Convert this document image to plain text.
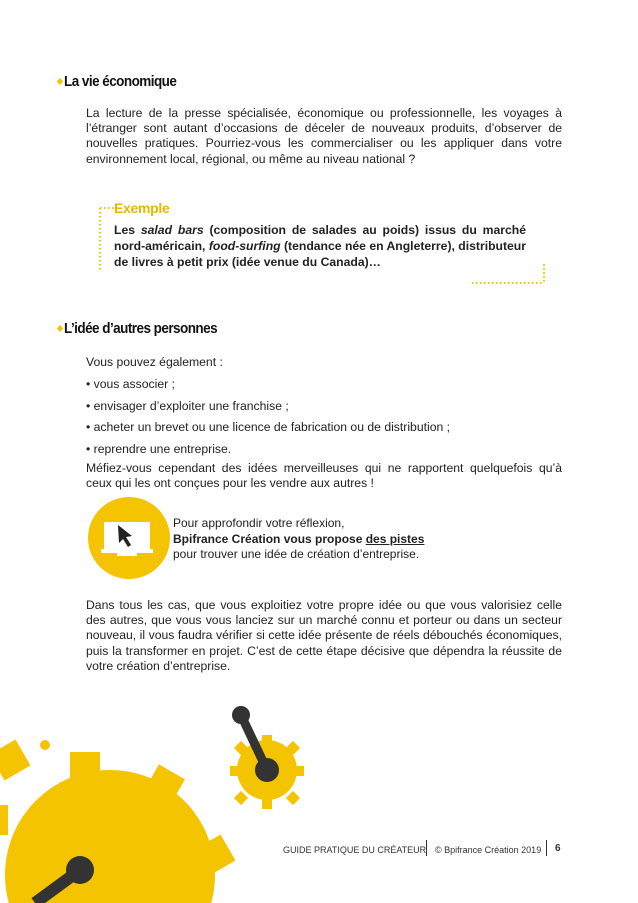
La vie économique

La lecture de la presse spécialisée, économique ou professionnelle, les voyages à l’étranger sont autant d’occasions de déceler de nouveaux produits, d’observer de nouvelles pratiques. Pourriez-vous les commercialiser ou les appliquer dans votre environnement local, régional, ou même au niveau national ?

Exemple
Les salad bars (composition de salades au poids) issus du marché nord-américain, food-surfing (tendance née en Angleterre), distributeur de livres à petit prix (idée venue du Canada)…
L’idée d’autres personnes
Vous pouvez également :
• vous associer ;
• envisager d’exploiter une franchise ;
• acheter un brevet ou une licence de fabrication ou de distribution ;
• reprendre une entreprise.

Méfiez-vous cependant des idées merveilleuses qui ne rapportent quelquefois qu’à ceux qui les ont conçues pour les vendre aux autres !

Pour approfondir votre réflexion,
Bpifrance Création vous propose des pistes
pour trouver une idée de création d’entreprise.

Dans tous les cas, que vous exploitiez votre propre idée ou que vous valorisiez celle des autres, que vous vous lanciez sur un marché connu et porteur ou dans un secteur nouveau, il vous faudra vérifier si cette idée présente de réels débouchés économiques, puis la transformer en projet. C’est de cette étape décisive que dépendra la réussite de votre création d’entreprise.

GUIDE PRATIQUE DU CRÉATEUR © Bpifrance Création 2019 6
